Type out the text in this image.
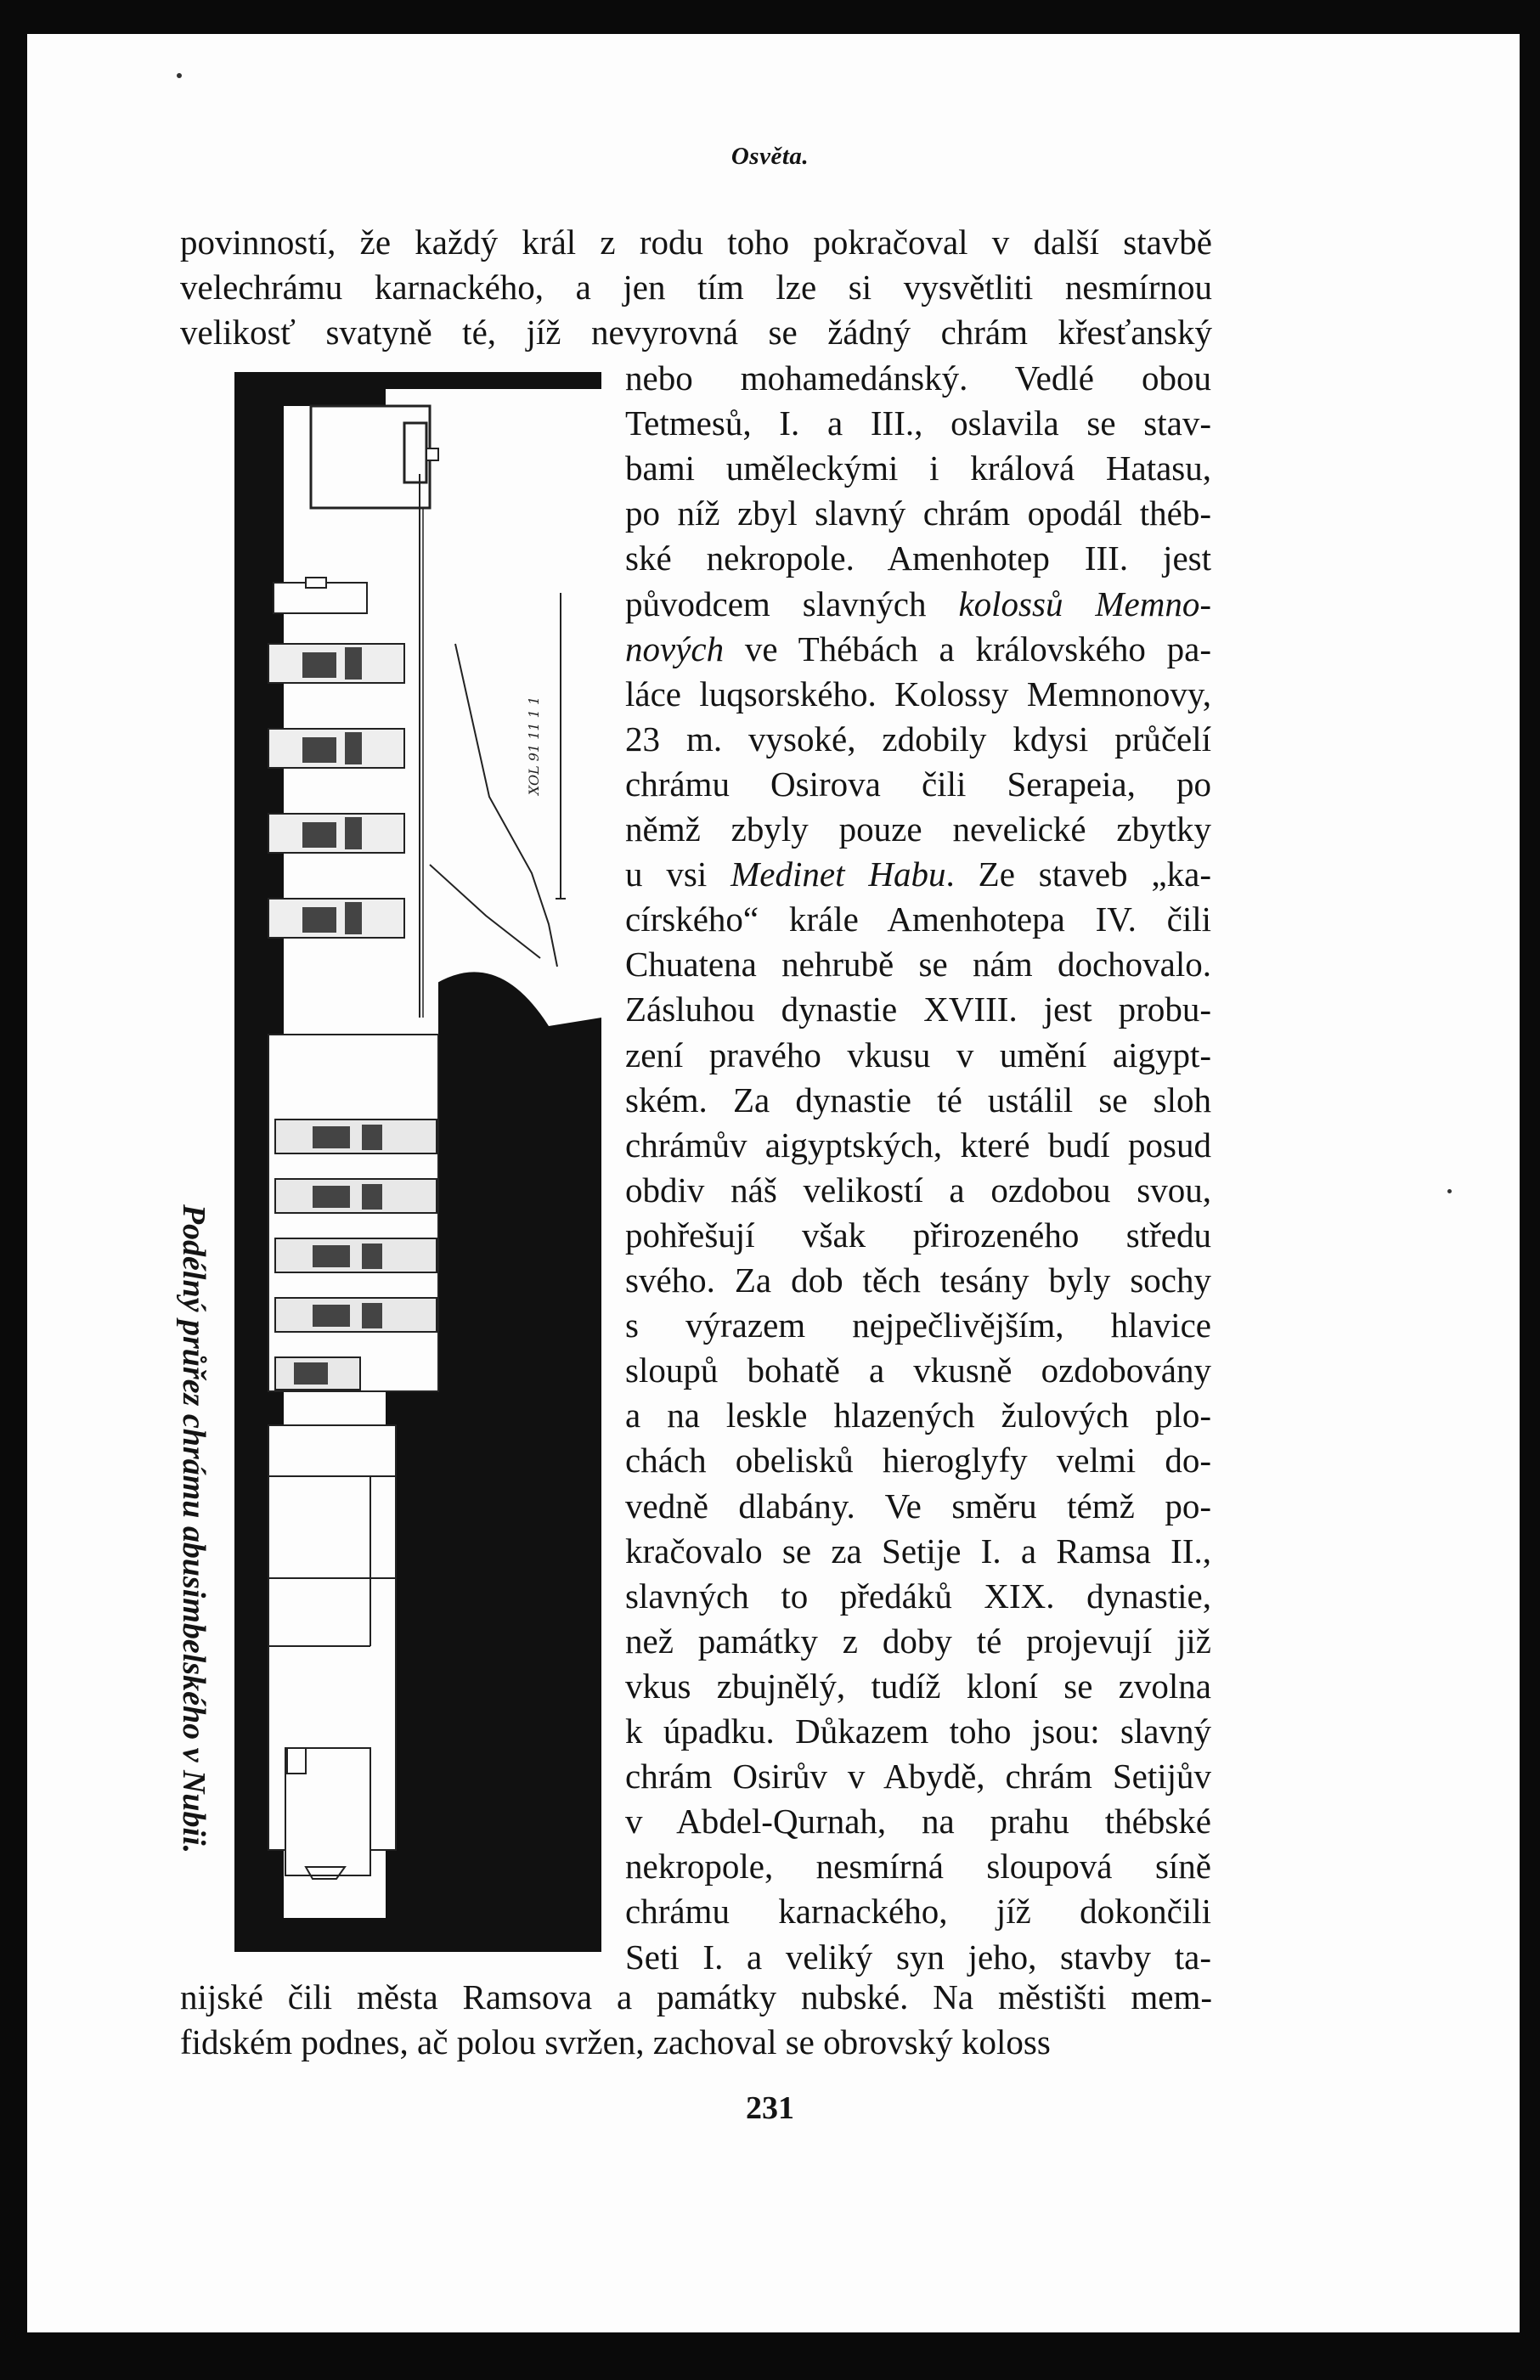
Osvěta.
povinností, že každý král z rodu toho pokračoval v další stavbě
velechrámu karnackého, a jen tím lze si vysvětliti nesmírnou
velikosť svatyně té, jíž nevyrovná se žádný chrám křesťanský
nebo mohamedánský. Vedlé obou
Tetmesů, I. a III., oslavila se stav-
bami uměleckými i králová Hatasu,
po níž zbyl slavný chrám opodál théb-
ské nekropole. Amenhotep III. jest
původcem slavných kolossů Memno-
nových ve Thébách a královského pa-
láce luqsorského. Kolossy Memnonovy,
23 m. vysoké, zdobily kdysi průčelí
chrámu Osirova čili Serapeia, po
němž zbyly pouze nevelické zbytky
u vsi Medinet Habu. Ze staveb „ka-
círského“ krále Amenhotepa IV. čili
Chuatena nehrubě se nám dochovalo.
Zásluhou dynastie XVIII. jest probu-
zení pravého vkusu v umění aigypt-
ském. Za dynastie té ustálil se sloh
chrámův aigyptských, které budí posud
obdiv náš velikostí a ozdobou svou,
pohřešují však přirozeného středu
svého. Za dob těch tesány byly sochy
s výrazem nejpečlivějším, hlavice
sloupů bohatě a vkusně ozdobovány
a na leskle hlazených žulových plo-
chách obelisků hieroglyfy velmi do-
vedně dlabány. Ve směru témž po-
kračovalo se za Setije I. a Ramsa II.,
slavných to předáků XIX. dynastie,
než památky z doby té projevují již
vkus zbujnělý, tudíž kloní se zvolna
k úpadku. Důkazem toho jsou: slavný
chrám Osirův v Abydě, chrám Setijův
v Abdel-Qurnah, na prahu thébské
nekropole, nesmírná sloupová síně
chrámu karnackého, jíž dokončili
Seti I. a veliký syn jeho, stavby ta-
nijské čili města Ramsova a památky nubské. Na městišti mem-
fidském podnes, ač polou svržen, zachoval se obrovský koloss
Podélný průřez chrámu abusimbelského v Nubii.
XOL 91 11 1 1
231
